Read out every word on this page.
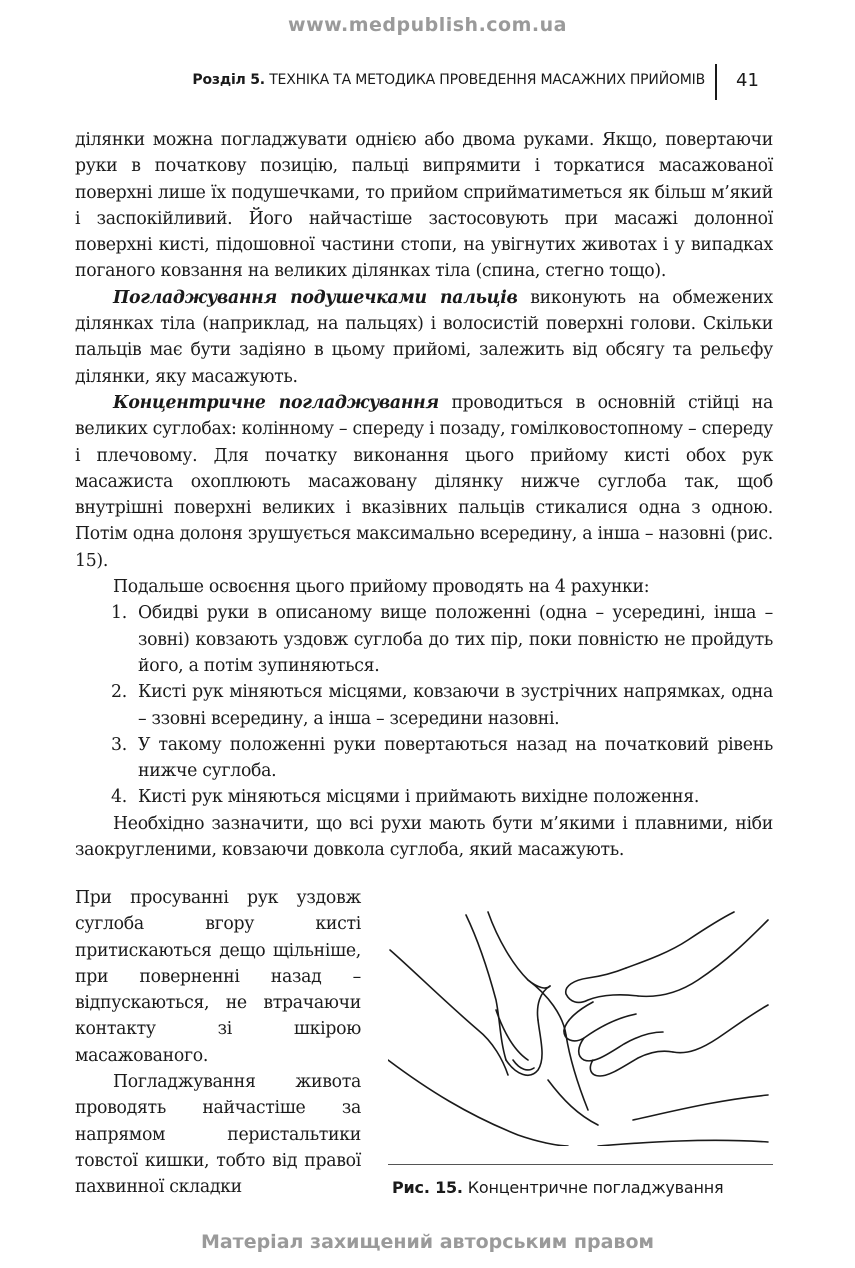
www.medpublish.com.ua
Розділ 5. ТЕХНІКА ТА МЕТОДИКА ПРОВЕДЕННЯ МАСАЖНИХ ПРИЙОМІВ 41

ділянки можна погладжувати однією або двома руками. Якщо, повертаючи руки в початкову позицію, пальці випрямити і торкатися масажованої поверхні лише їх подушечками, то прийом сприйматиметься як більш м’який і заспокійливий. Його найчастіше застосовують при масажі долонної поверхні кисті, підошовної частини стопи, на увігнутих животах і у випадках поганого ковзання на великих ділянках тіла (спина, стегно тощо).

Погладжування подушечками пальців виконують на обмежених ділянках тіла (наприклад, на пальцях) і волосистій поверхні голови. Скільки пальців має бути задіяно в цьому прийомі, залежить від обсягу та рельєфу ділянки, яку масажують.

Концентричне погладжування проводиться в основній стійці на великих суглобах: колінному – спереду і позаду, гомілковостопному – спереду і плечовому. Для початку виконання цього прийому кисті обох рук масажиста охоплюють масажовану ділянку нижче суглоба так, щоб внутрішні поверхні великих і вказівних пальців стикалися одна з одною. Потім одна долоня зрушується максимально всередину, а інша – назовні (рис. 15).

Подальше освоєння цього прийому проводять на 4 рахунки:

1. Обидві руки в описаному вище положенні (одна – усередині, інша – зовні) ковзають уздовж суглоба до тих пір, поки повністю не пройдуть його, а потім зупиняються.
2. Кисті рук міняються місцями, ковзаючи в зустрічних напрямках, одна – ззовні всередину, а інша – зсередини назовні.
3. У такому положенні руки повертаються назад на початковий рівень нижче суглоба.
4. Кисті рук міняються місцями і приймають вихідне положення.

Необхідно зазначити, що всі рухи мають бути м’якими і плавними, ніби заокругленими, ковзаючи довкола суглоба, який масажують.

При просуванні рук уздовж суглоба вгору кисті притискаються дещо щільніше, при поверненні назад – відпускаються, не втрачаючи контакту зі шкірою масажованого.

Погладжування живота проводять найчастіше за напрямом перистальтики товстої кишки, тобто від правої пахвинної складки	Рис. 15. Концентричне погладжування
Матеріал захищений авторським правом
